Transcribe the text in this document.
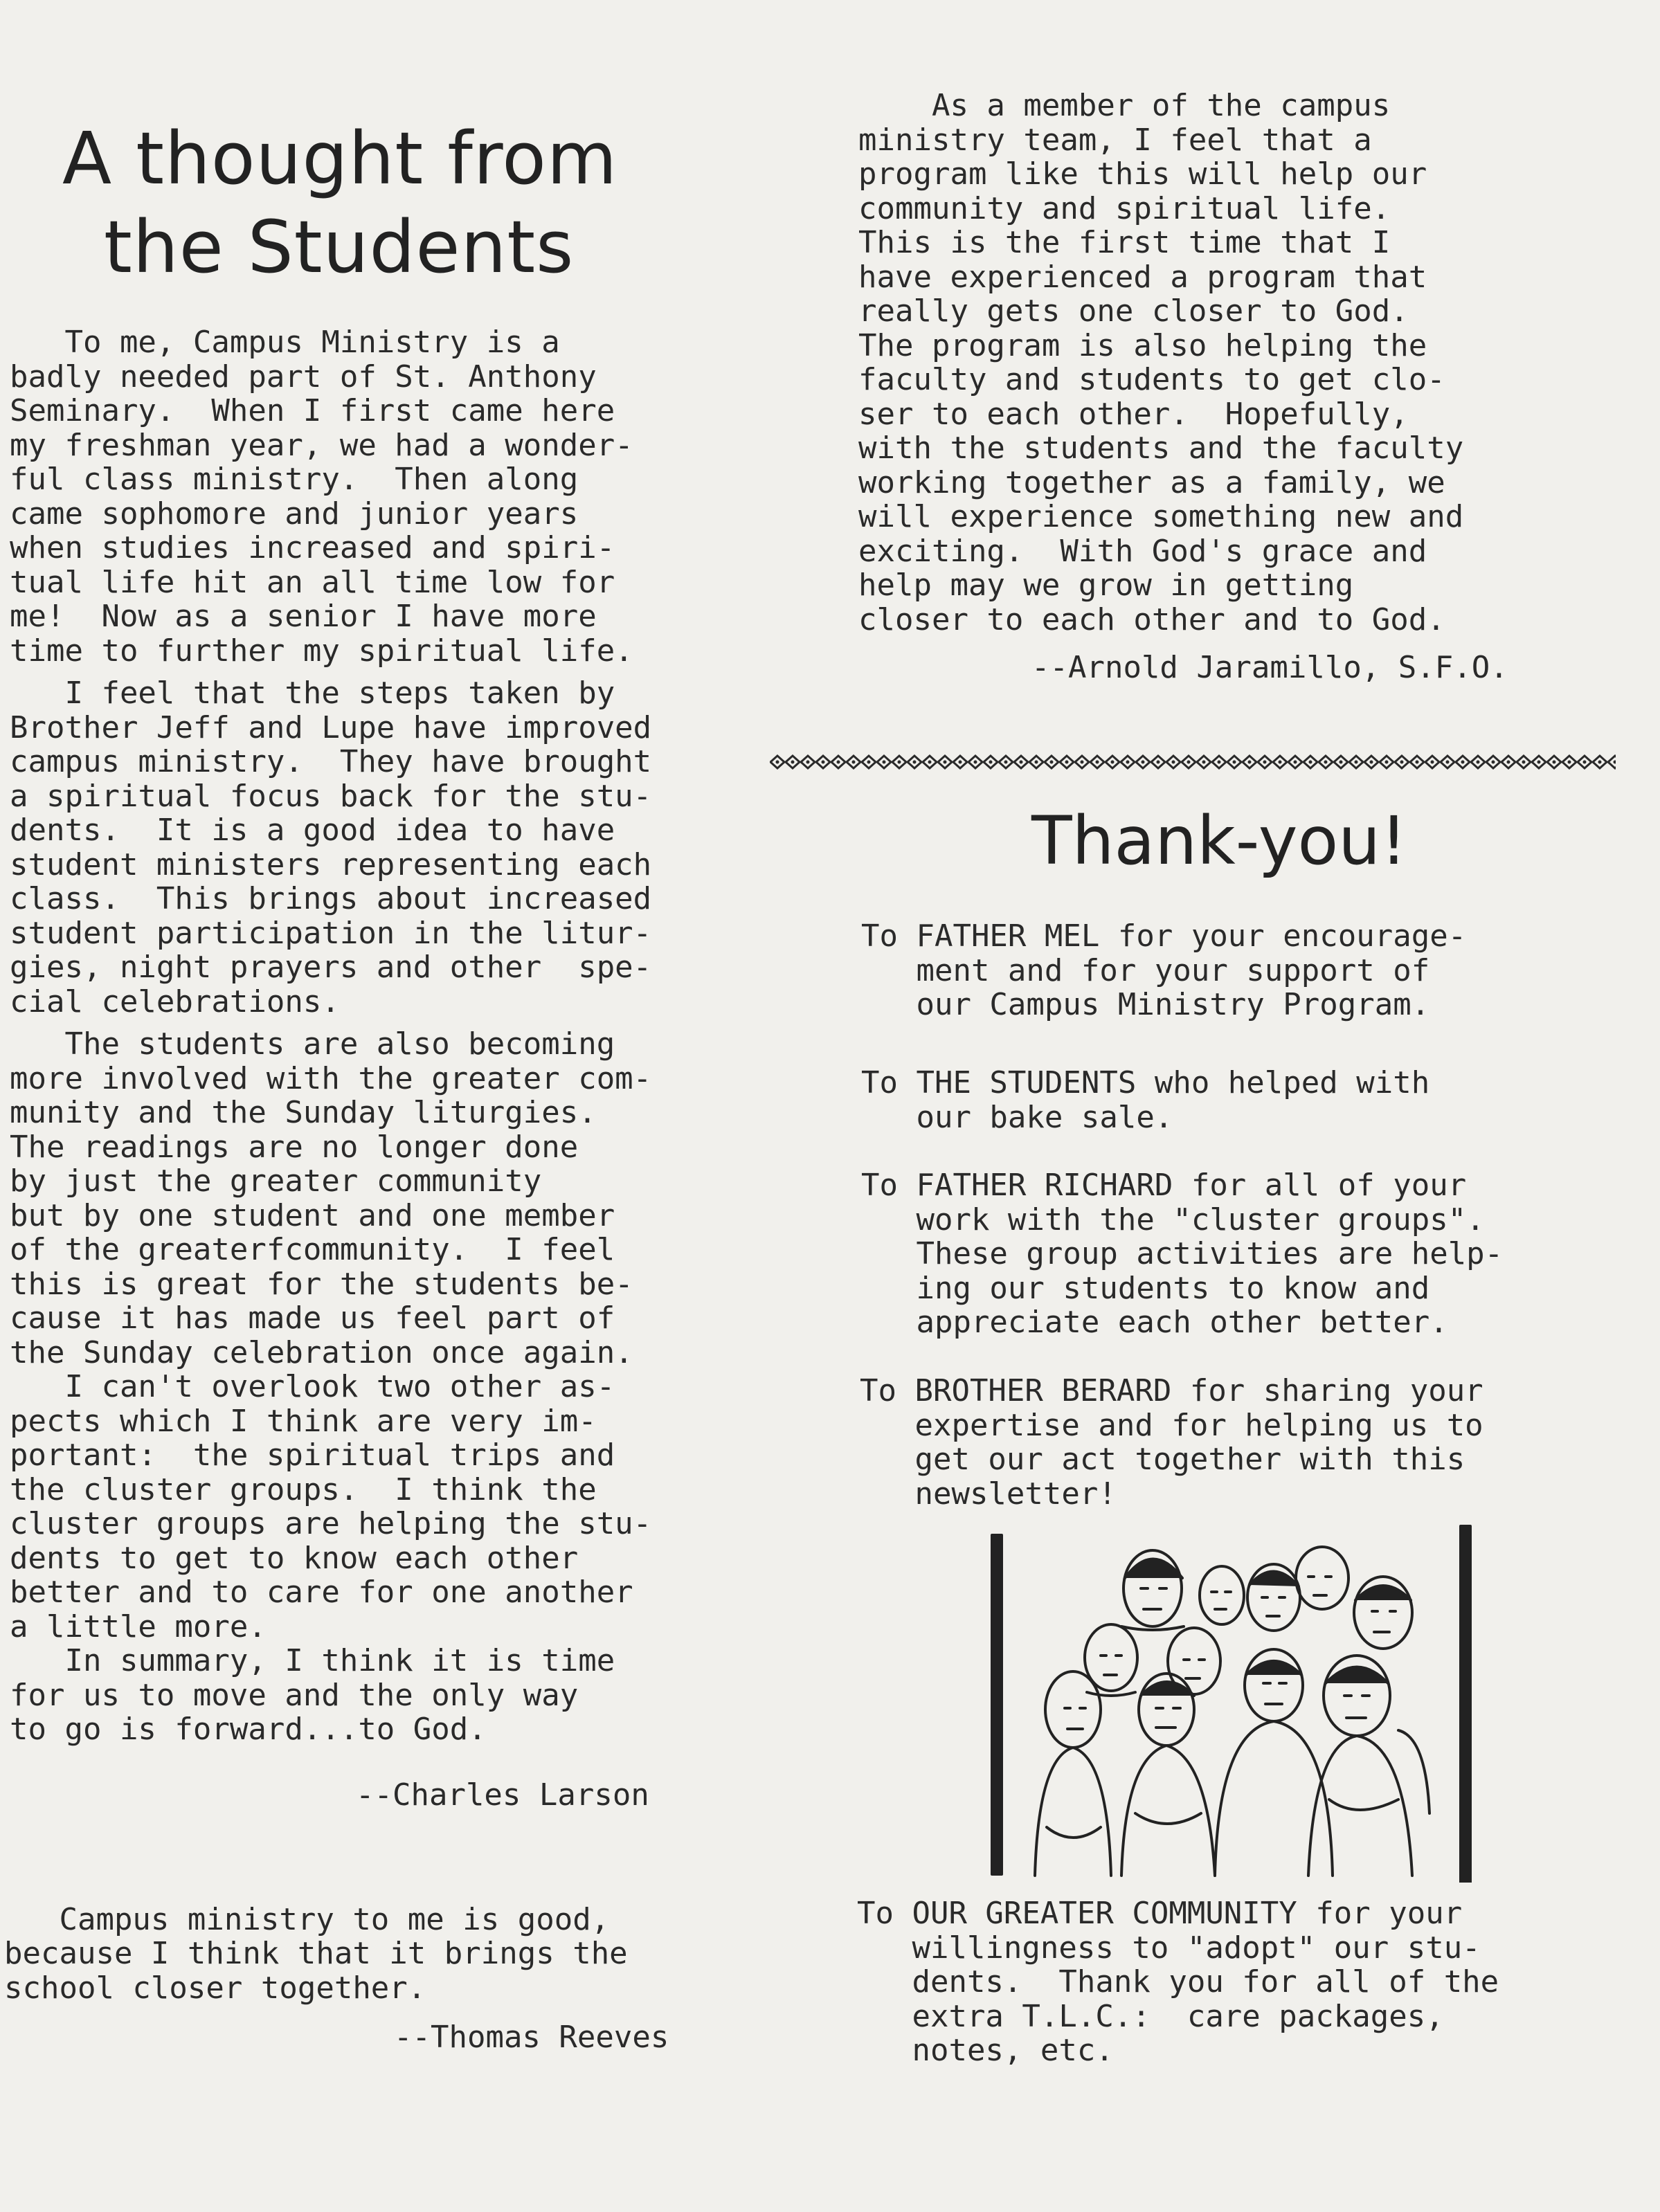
A thought from
the Students

To me, Campus Ministry is a
badly needed part of St. Anthony
Seminary.  When I first came here
my freshman year, we had a wonder-
ful class ministry.  Then along
came sophomore and junior years
when studies increased and spiri-
tual life hit an all time low for
me!  Now as a senior I have more
time to further my spiritual life.

I feel that the steps taken by
Brother Jeff and Lupe have improved
campus ministry.  They have brought
a spiritual focus back for the stu-
dents.  It is a good idea to have
student ministers representing each
class.  This brings about increased
student participation in the litur-
gies, night prayers and other  spe-
cial celebrations.

The students are also becoming
more involved with the greater com-
munity and the Sunday liturgies.
The readings are no longer done
by just the greater community
but by one student and one member
of the greaterfcommunity.  I feel
this is great for the students be-
cause it has made us feel part of
the Sunday celebration once again.
I can't overlook two other as-
pects which I think are very im-
portant:  the spiritual trips and
the cluster groups.  I think the
cluster groups are helping the stu-
dents to get to know each other
better and to care for one another
a little more.
In summary, I think it is time
for us to move and the only way
to go is forward...to God.

--Charles Larson

Campus ministry to me is good,
because I think that it brings the
school closer together.

--Thomas Reeves

As a member of the campus
ministry team, I feel that a
program like this will help our
community and spiritual life.
This is the first time that I
have experienced a program that
really gets one closer to God.
The program is also helping the
faculty and students to get clo-
ser to each other.  Hopefully,
with the students and the faculty
working together as a family, we
will experience something new and
exciting.  With God's grace and
help may we grow in getting
closer to each other and to God.

--Arnold Jaramillo, S.F.O.

Thank-you!

To FATHER MEL for your encourage-
ment and for your support of
our Campus Ministry Program.

To THE STUDENTS who helped with
our bake sale.

To FATHER RICHARD for all of your
work with the "cluster groups".
These group activities are help-
ing our students to know and
appreciate each other better.

To BROTHER BERARD for sharing your
expertise and for helping us to
get our act together with this
newsletter!

To OUR GREATER COMMUNITY for your
willingness to "adopt" our stu-
dents.  Thank you for all of the
extra T.L.C.:  care packages,
notes, etc.
